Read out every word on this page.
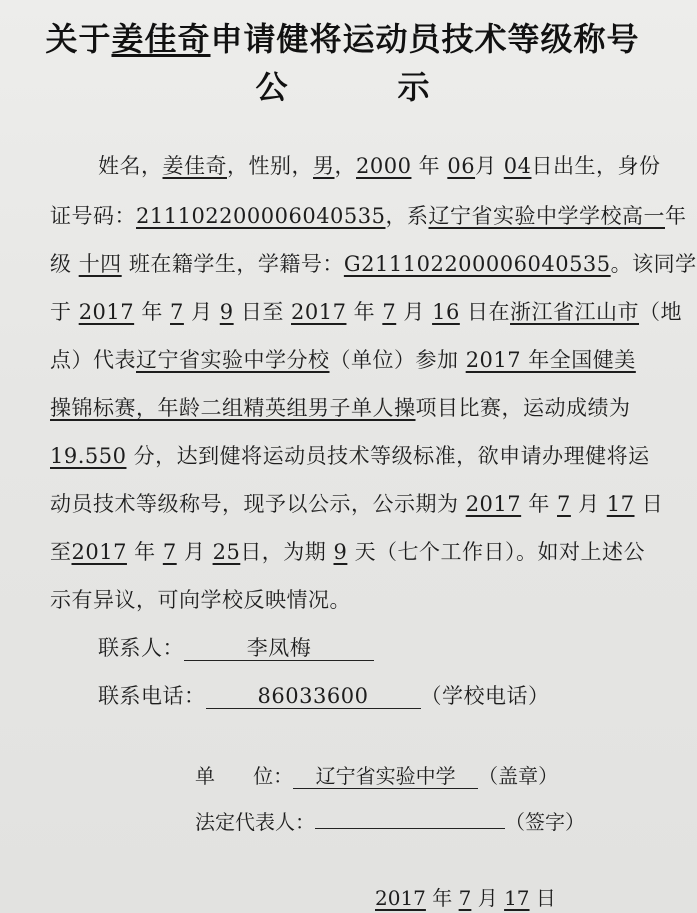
关于姜佳奇申请健将运动员技术等级称号
公	示
姓名，姜佳奇，性别，男，2000 年 06月 04日出生，身份
证号码：211102200006040535，系辽宁省实验中学学校高一年
级 十四 班在籍学生，学籍号：G211102200006040535。该同学
于 2017 年 7 月 9 日至 2017 年 7 月 16 日在浙江省江山市（地
点）代表辽宁省实验中学分校（单位）参加 2017 年全国健美
操锦标赛，年龄二组精英组男子单人操项目比赛，运动成绩为
19.550 分，达到健将运动员技术等级标准，欲申请办理健将运
动员技术等级称号，现予以公示，公示期为 2017 年 7 月 17 日
至2017 年 7 月 25日，为期 9 天（七个工作日）。如对上述公
示有异议，可向学校反映情况。
联系人：	李凤梅
联系电话： 86033600 （学校电话）
单      位： 辽宁省实验中学 （盖章）
法定代表人：	（签字）
2017 年 7 月 17 日
